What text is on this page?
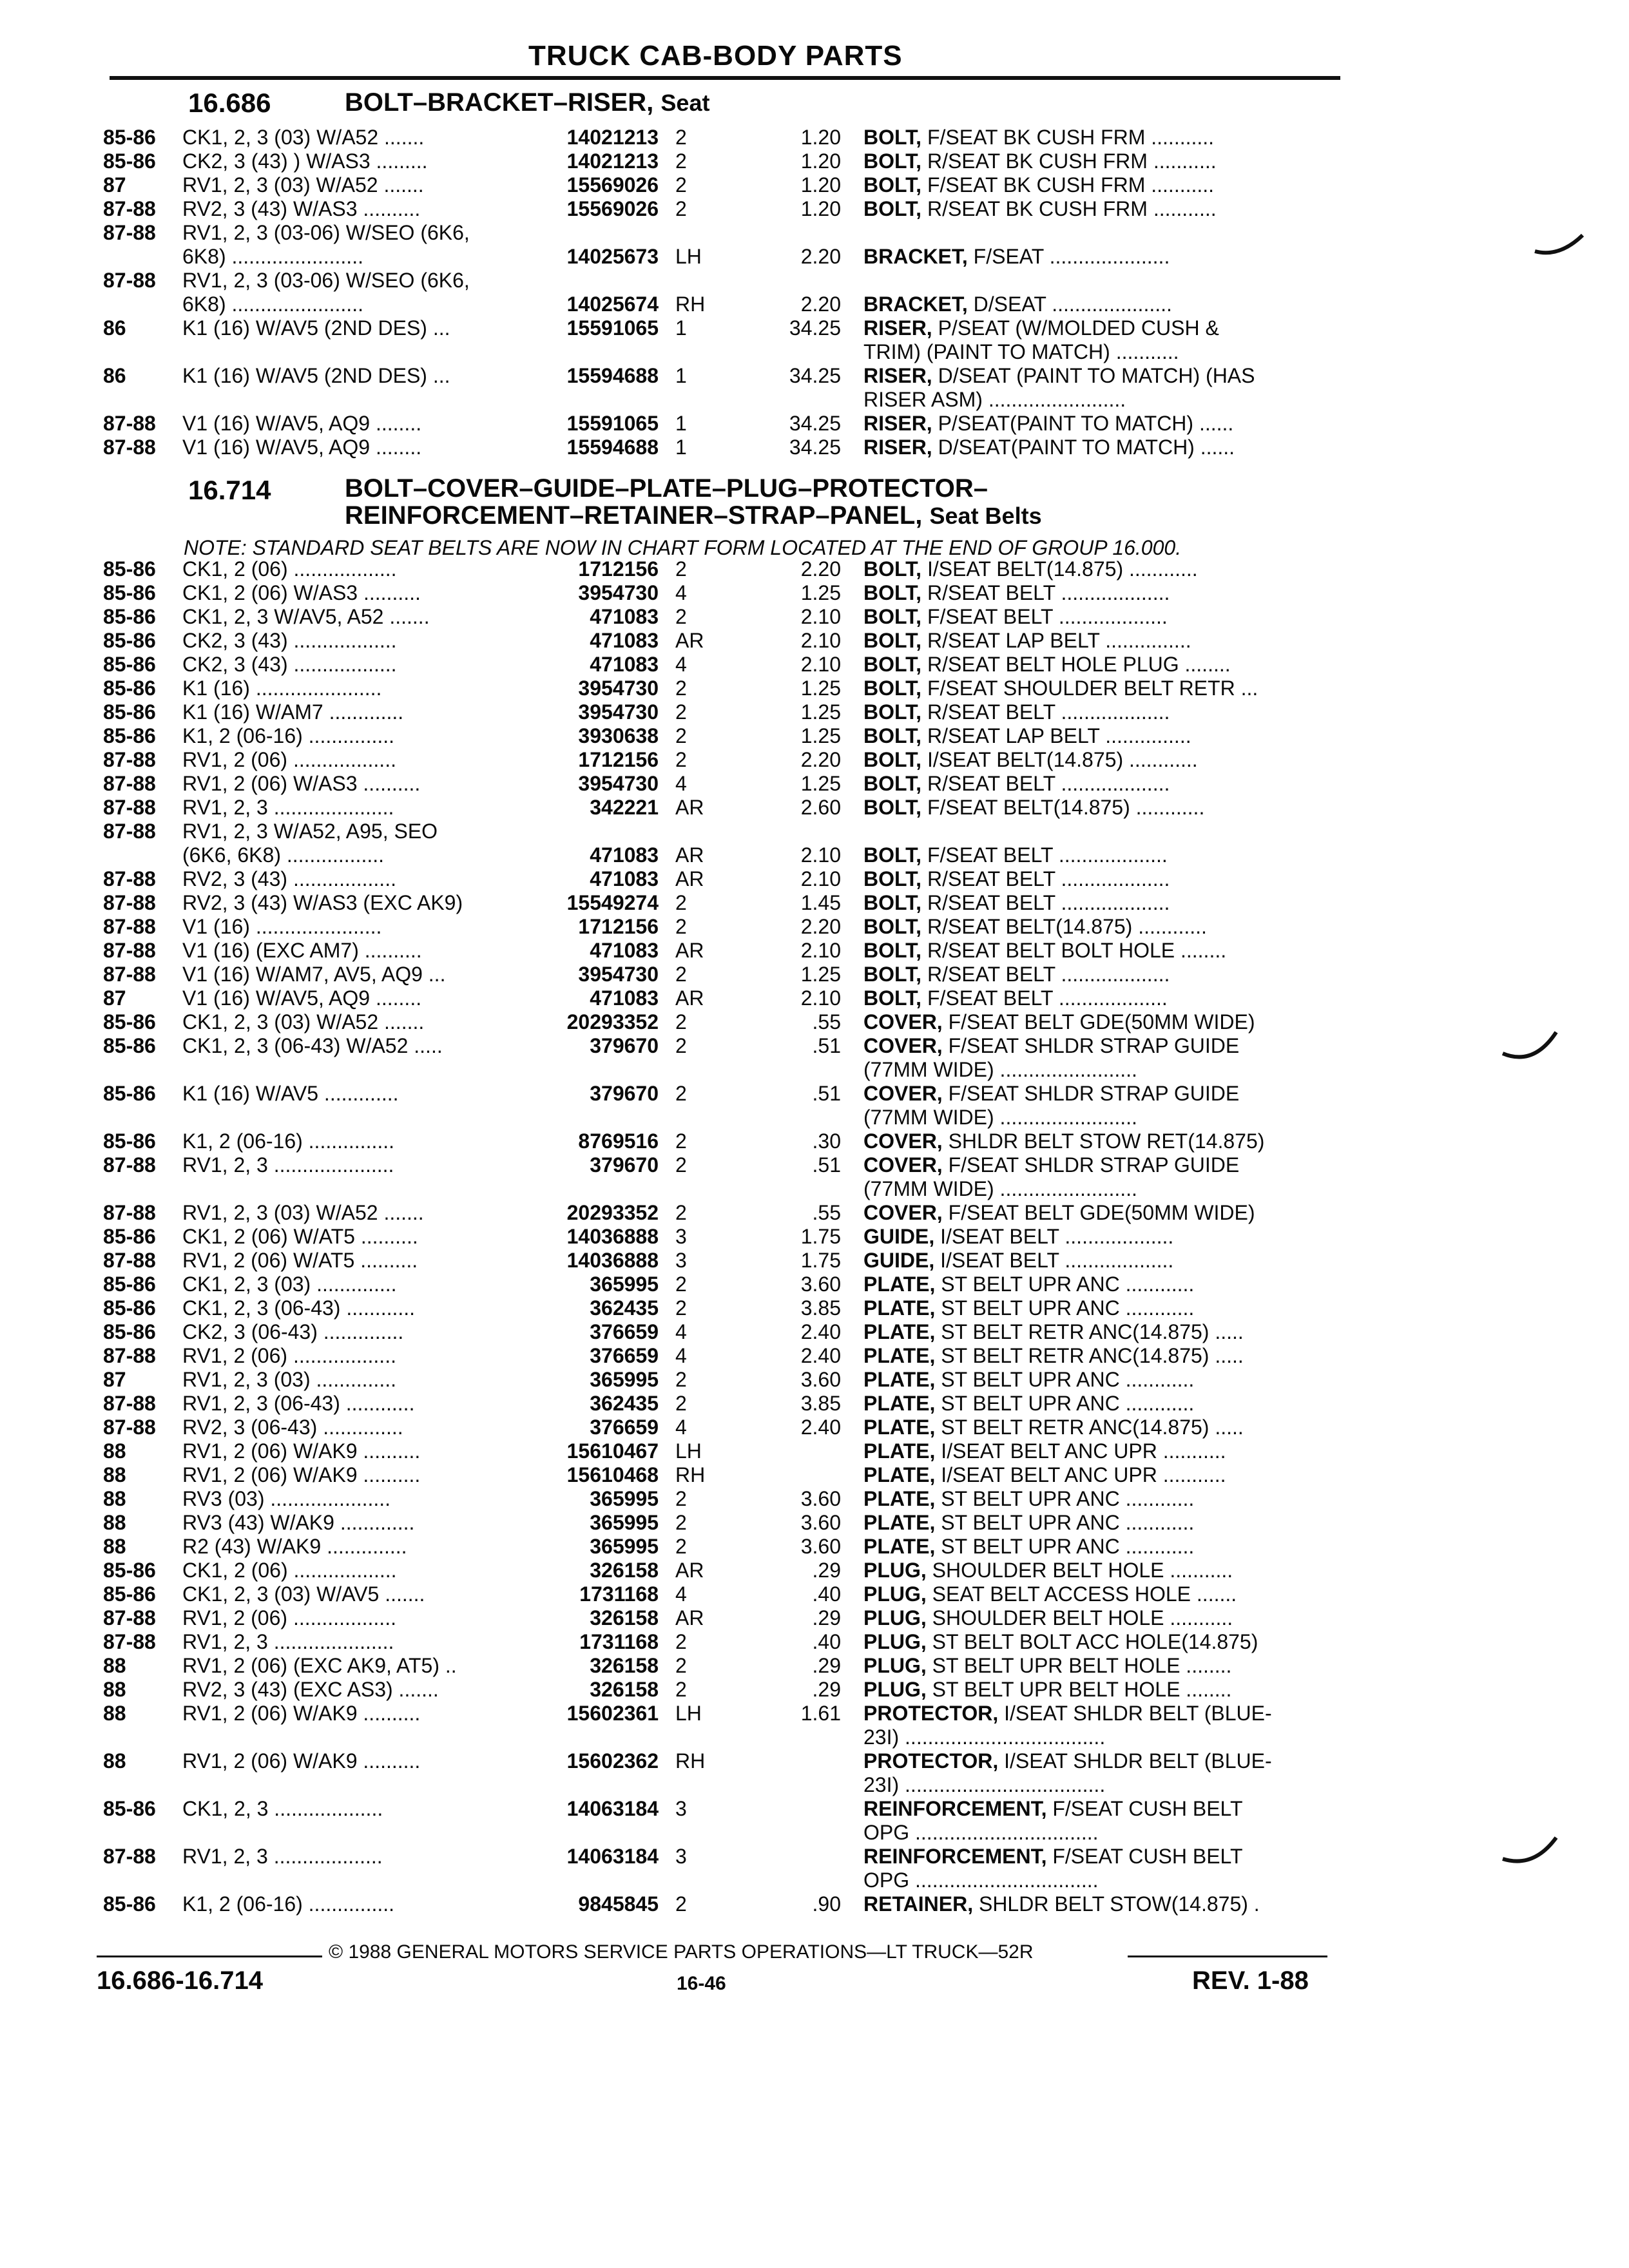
TRUCK CAB-BODY PARTS
16.686	BOLT–BRACKET–RISER, Seat
16.714	BOLT–COVER–GUIDE–PLATE–PLUG–PROTECTOR–
REINFORCEMENT–RETAINER–STRAP–PANEL, Seat Belts
NOTE: STANDARD SEAT BELTS ARE NOW IN CHART FORM LOCATED AT THE END OF GROUP 16.000.
85-86 CK1, 2, 3 (03) W/A52 .......	14021213 2	1.20 BOLT, F/SEAT BK CUSH FRM ...........
85-86 CK2, 3 (43) ) W/AS3 .........	14021213 2	1.20 BOLT, R/SEAT BK CUSH FRM ...........
87	RV1, 2, 3 (03) W/A52 .......	15569026 2	1.20 BOLT, F/SEAT BK CUSH FRM ...........
87-88 RV2, 3 (43) W/AS3 ..........	15569026 2	1.20 BOLT, R/SEAT BK CUSH FRM ...........
87-88 RV1, 2, 3 (03-06) W/SEO (6K6,
6K8) .......................	14025673 LH	2.20 BRACKET, F/SEAT .....................
87-88 RV1, 2, 3 (03-06) W/SEO (6K6,
6K8) .......................	14025674 RH	2.20 BRACKET, D/SEAT .....................
86	K1 (16) W/AV5 (2ND DES) ...	15591065 1	34.25 RISER, P/SEAT (W/MOLDED CUSH &
TRIM) (PAINT TO MATCH) ...........
86	K1 (16) W/AV5 (2ND DES) ...	15594688 1	34.25 RISER, D/SEAT (PAINT TO MATCH) (HAS
RISER ASM) ........................
87-88 V1 (16) W/AV5, AQ9 ........	15591065 1	34.25 RISER, P/SEAT(PAINT TO MATCH) ......
87-88 V1 (16) W/AV5, AQ9 ........	15594688 1	34.25 RISER, D/SEAT(PAINT TO MATCH) ......
85-86 CK1, 2 (06) ..................	1712156 2	2.20 BOLT, I/SEAT BELT(14.875) ............
85-86 CK1, 2 (06) W/AS3 ..........	3954730 4	1.25 BOLT, R/SEAT BELT ...................
85-86 CK1, 2, 3 W/AV5, A52 .......	471083 2	2.10 BOLT, F/SEAT BELT ...................
85-86 CK2, 3 (43) ..................	471083 AR	2.10 BOLT, R/SEAT LAP BELT ...............
85-86 CK2, 3 (43) ..................	471083 4	2.10 BOLT, R/SEAT BELT HOLE PLUG ........
85-86 K1 (16) ......................	3954730 2	1.25 BOLT, F/SEAT SHOULDER BELT RETR ...
85-86 K1 (16) W/AM7 .............	3954730 2	1.25 BOLT, R/SEAT BELT ...................
85-86 K1, 2 (06-16) ...............	3930638 2	1.25 BOLT, R/SEAT LAP BELT ...............
87-88 RV1, 2 (06) ..................	1712156 2	2.20 BOLT, I/SEAT BELT(14.875) ............
87-88 RV1, 2 (06) W/AS3 ..........	3954730 4	1.25 BOLT, R/SEAT BELT ...................
87-88 RV1, 2, 3 .....................	342221 AR	2.60 BOLT, F/SEAT BELT(14.875) ............
87-88 RV1, 2, 3 W/A52, A95, SEO
(6K6, 6K8) .................	471083 AR	2.10 BOLT, F/SEAT BELT ...................
87-88 RV2, 3 (43) ..................	471083 AR	2.10 BOLT, R/SEAT BELT ...................
87-88 RV2, 3 (43) W/AS3 (EXC AK9)	15549274 2	1.45 BOLT, R/SEAT BELT ...................
87-88 V1 (16) ......................	1712156 2	2.20 BOLT, R/SEAT BELT(14.875) ............
87-88 V1 (16) (EXC AM7) ..........	471083 AR	2.10 BOLT, R/SEAT BELT BOLT HOLE ........
87-88 V1 (16) W/AM7, AV5, AQ9 ...	3954730 2	1.25 BOLT, R/SEAT BELT ...................
87	V1 (16) W/AV5, AQ9 ........	471083 AR	2.10 BOLT, F/SEAT BELT ...................
85-86 CK1, 2, 3 (03) W/A52 .......	20293352 2	.55 COVER, F/SEAT BELT GDE(50MM WIDE)
85-86 CK1, 2, 3 (06-43) W/A52 .....	379670 2	.51 COVER, F/SEAT SHLDR STRAP GUIDE
(77MM WIDE) ........................
85-86 K1 (16) W/AV5 .............	379670 2	.51 COVER, F/SEAT SHLDR STRAP GUIDE
(77MM WIDE) ........................
85-86 K1, 2 (06-16) ...............	8769516 2	.30 COVER, SHLDR BELT STOW RET(14.875)
87-88 RV1, 2, 3 .....................	379670 2	.51 COVER, F/SEAT SHLDR STRAP GUIDE
(77MM WIDE) ........................
87-88 RV1, 2, 3 (03) W/A52 .......	20293352 2	.55 COVER, F/SEAT BELT GDE(50MM WIDE)
85-86 CK1, 2 (06) W/AT5 ..........	14036888 3	1.75 GUIDE, I/SEAT BELT ...................
87-88 RV1, 2 (06) W/AT5 ..........	14036888 3	1.75 GUIDE, I/SEAT BELT ...................
85-86 CK1, 2, 3 (03) ..............	365995 2	3.60 PLATE, ST BELT UPR ANC ............
85-86 CK1, 2, 3 (06-43) ............	362435 2	3.85 PLATE, ST BELT UPR ANC ............
85-86 CK2, 3 (06-43) ..............	376659 4	2.40 PLATE, ST BELT RETR ANC(14.875) .....
87-88 RV1, 2 (06) ..................	376659 4	2.40 PLATE, ST BELT RETR ANC(14.875) .....
87	RV1, 2, 3 (03) ..............	365995 2	3.60 PLATE, ST BELT UPR ANC ............
87-88 RV1, 2, 3 (06-43) ............	362435 2	3.85 PLATE, ST BELT UPR ANC ............
87-88 RV2, 3 (06-43) ..............	376659 4	2.40 PLATE, ST BELT RETR ANC(14.875) .....
88	RV1, 2 (06) W/AK9 ..........	15610467 LH	PLATE, I/SEAT BELT ANC UPR ...........
88	RV1, 2 (06) W/AK9 ..........	15610468 RH	PLATE, I/SEAT BELT ANC UPR ...........
88	RV3 (03) .....................	365995 2	3.60 PLATE, ST BELT UPR ANC ............
88	RV3 (43) W/AK9 .............	365995 2	3.60 PLATE, ST BELT UPR ANC ............
88	R2 (43) W/AK9 ..............	365995 2	3.60 PLATE, ST BELT UPR ANC ............
85-86 CK1, 2 (06) ..................	326158 AR	.29 PLUG, SHOULDER BELT HOLE ...........
85-86 CK1, 2, 3 (03) W/AV5 .......	1731168 4	.40 PLUG, SEAT BELT ACCESS HOLE .......
87-88 RV1, 2 (06) ..................	326158 AR	.29 PLUG, SHOULDER BELT HOLE ...........
87-88 RV1, 2, 3 .....................	1731168 2	.40 PLUG, ST BELT BOLT ACC HOLE(14.875)
88	RV1, 2 (06) (EXC AK9, AT5) ..	326158 2	.29 PLUG, ST BELT UPR BELT HOLE ........
88	RV2, 3 (43) (EXC AS3) .......	326158 2	.29 PLUG, ST BELT UPR BELT HOLE ........
88	RV1, 2 (06) W/AK9 ..........	15602361 LH	1.61 PROTECTOR, I/SEAT SHLDR BELT (BLUE-
23I) ...................................
88	RV1, 2 (06) W/AK9 ..........	15602362 RH	PROTECTOR, I/SEAT SHLDR BELT (BLUE-
23I) ...................................
85-86 CK1, 2, 3 ...................	14063184 3	REINFORCEMENT, F/SEAT CUSH BELT
OPG ................................
87-88 RV1, 2, 3 ...................	14063184 3	REINFORCEMENT, F/SEAT CUSH BELT
OPG ................................
85-86 K1, 2 (06-16) ...............	9845845 2	.90 RETAINER, SHLDR BELT STOW(14.875) .
© 1988 GENERAL MOTORS SERVICE PARTS OPERATIONS—LT TRUCK—52R
16.686-16.714	16-46	REV. 1-88
